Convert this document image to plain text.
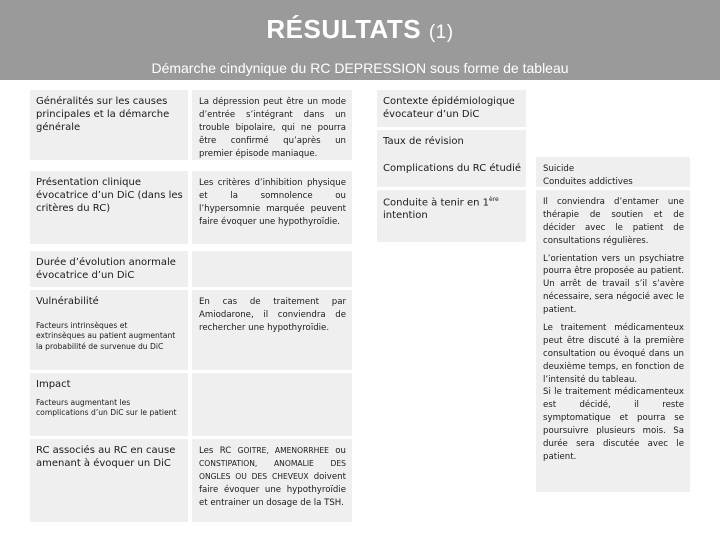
RÉSULTATS (1)
Démarche cindynique du RC DEPRESSION sous forme de tableau
Généralités sur les causes principales et la démarche générale
La dépression peut être un mode d’entrée s’intégrant dans un trouble bipolaire, qui ne pourra être confirmé qu’après un premier épisode maniaque.
Présentation clinique évocatrice d’un DiC (dans les critères du RC)
Les critères d’inhibition physique et la somnolence ou l’hypersomnie marquée peuvent faire évoquer une hypothyroïdie.
Durée d’évolution anormale évocatrice d’un DiC
Vulnérabilité
Facteurs intrinsèques et extrinsèques au patient augmentant la probabilité de survenue du DiC
En cas de traitement par Amiodarone, il conviendra de rechercher une hypothyroïdie.
Impact
Facteurs augmentant les complications d’un DiC sur le patient
RC associés au RC en cause amenant à évoquer un DiC
Les RC GOITRE, AMENORRHEE ou CONSTIPATION, ANOMALIE DES ONGLES OU DES CHEVEUX doivent faire évoquer une hypothyroïdie et entrainer un dosage de la TSH.
Contexte épidémiologique évocateur d’un DiC
Taux de révision
Complications du RC étudié	Suicide
Conduites addictives
Conduite à tenir en 1ère intention
Il conviendra d’entamer une thérapie de soutien et de décider avec le patient de consultations régulières.
L’orientation vers un psychiatre pourra être proposée au patient. Un arrêt de travail s’il s’avère nécessaire, sera négocié avec le patient.
Le traitement médicamenteux peut être discuté à la première consultation ou évoqué dans un deuxième temps, en fonction de l’intensité du tableau.
Si le traitement médicamenteux est décidé, il reste symptomatique et pourra se poursuivre plusieurs mois. Sa durée sera discutée avec le patient.
